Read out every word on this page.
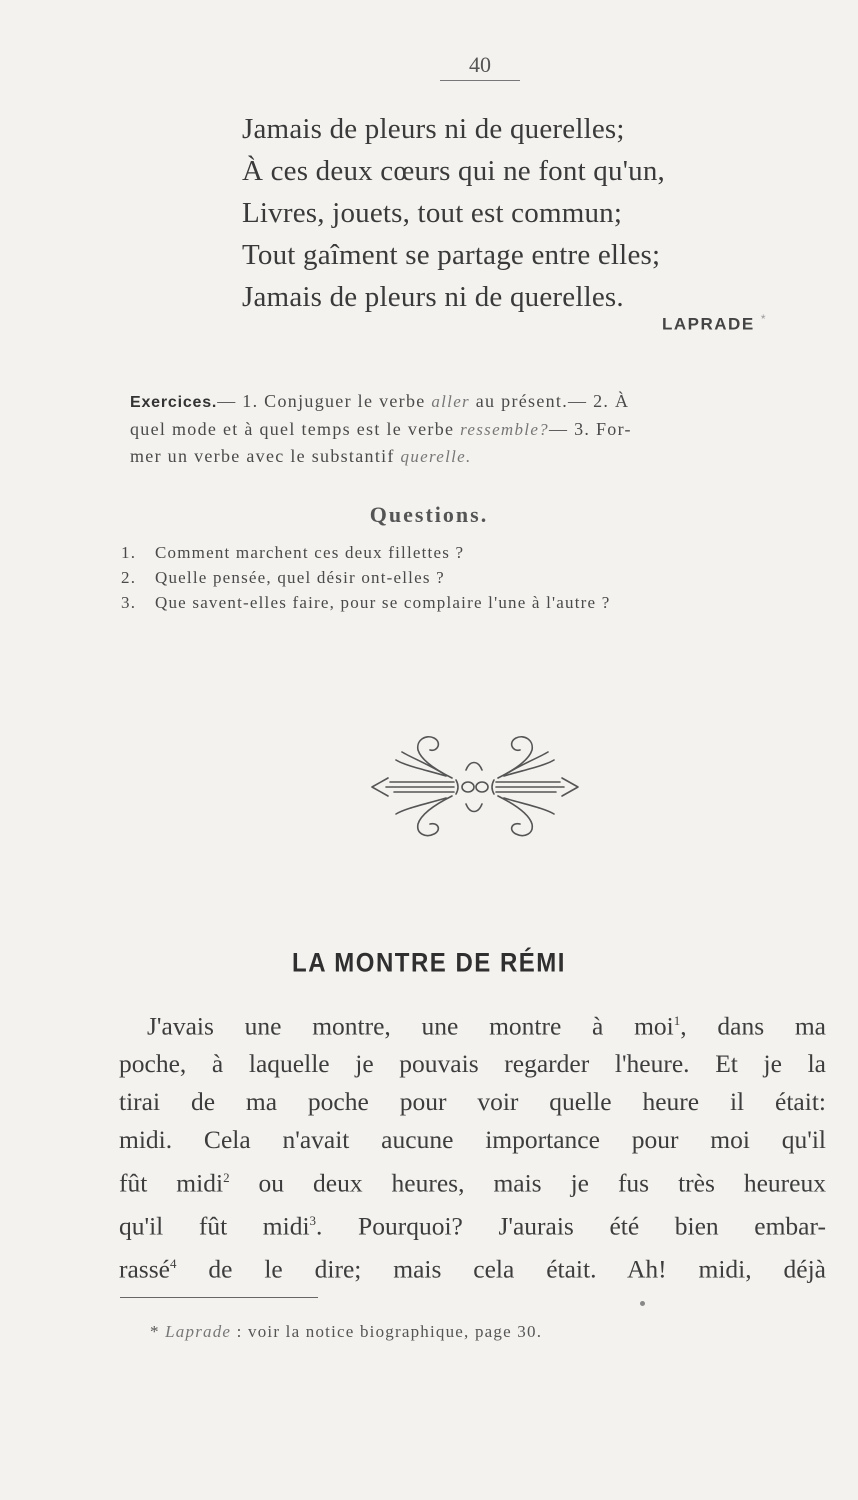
40
Jamais de pleurs ni de querelles;
À ces deux cœurs qui ne font qu'un,
Livres, jouets, tout est commun;
Tout gaîment se partage entre elles;
Jamais de pleurs ni de querelles.
LAPRADE *
Exercices.— 1. Conjuguer le verbe aller au présent.— 2. À
quel mode et à quel temps est le verbe ressemble?— 3. For-
mer un verbe avec le substantif querelle.
Questions.
1.	Comment marchent ces deux fillettes ?
2.	Quelle pensée, quel désir ont-elles ?
3.	Que savent-elles faire, pour se complaire l'une à l'autre ?
LA MONTRE DE RÉMI
J'avais une montre, une montre à moi$^1$, dans ma
poche, à laquelle je pouvais regarder l'heure. Et je la
tirai de ma poche pour voir quelle heure il était:
midi. Cela n'avait aucune importance pour moi qu'il
fût midi$^2$ ou deux heures, mais je fus très heureux
qu'il fût midi$^3$. Pourquoi? J'aurais été bien embar-
rassé$^4$ de le dire; mais cela était. Ah! midi, déjà
* Laprade : voir la notice biographique, page 30.
